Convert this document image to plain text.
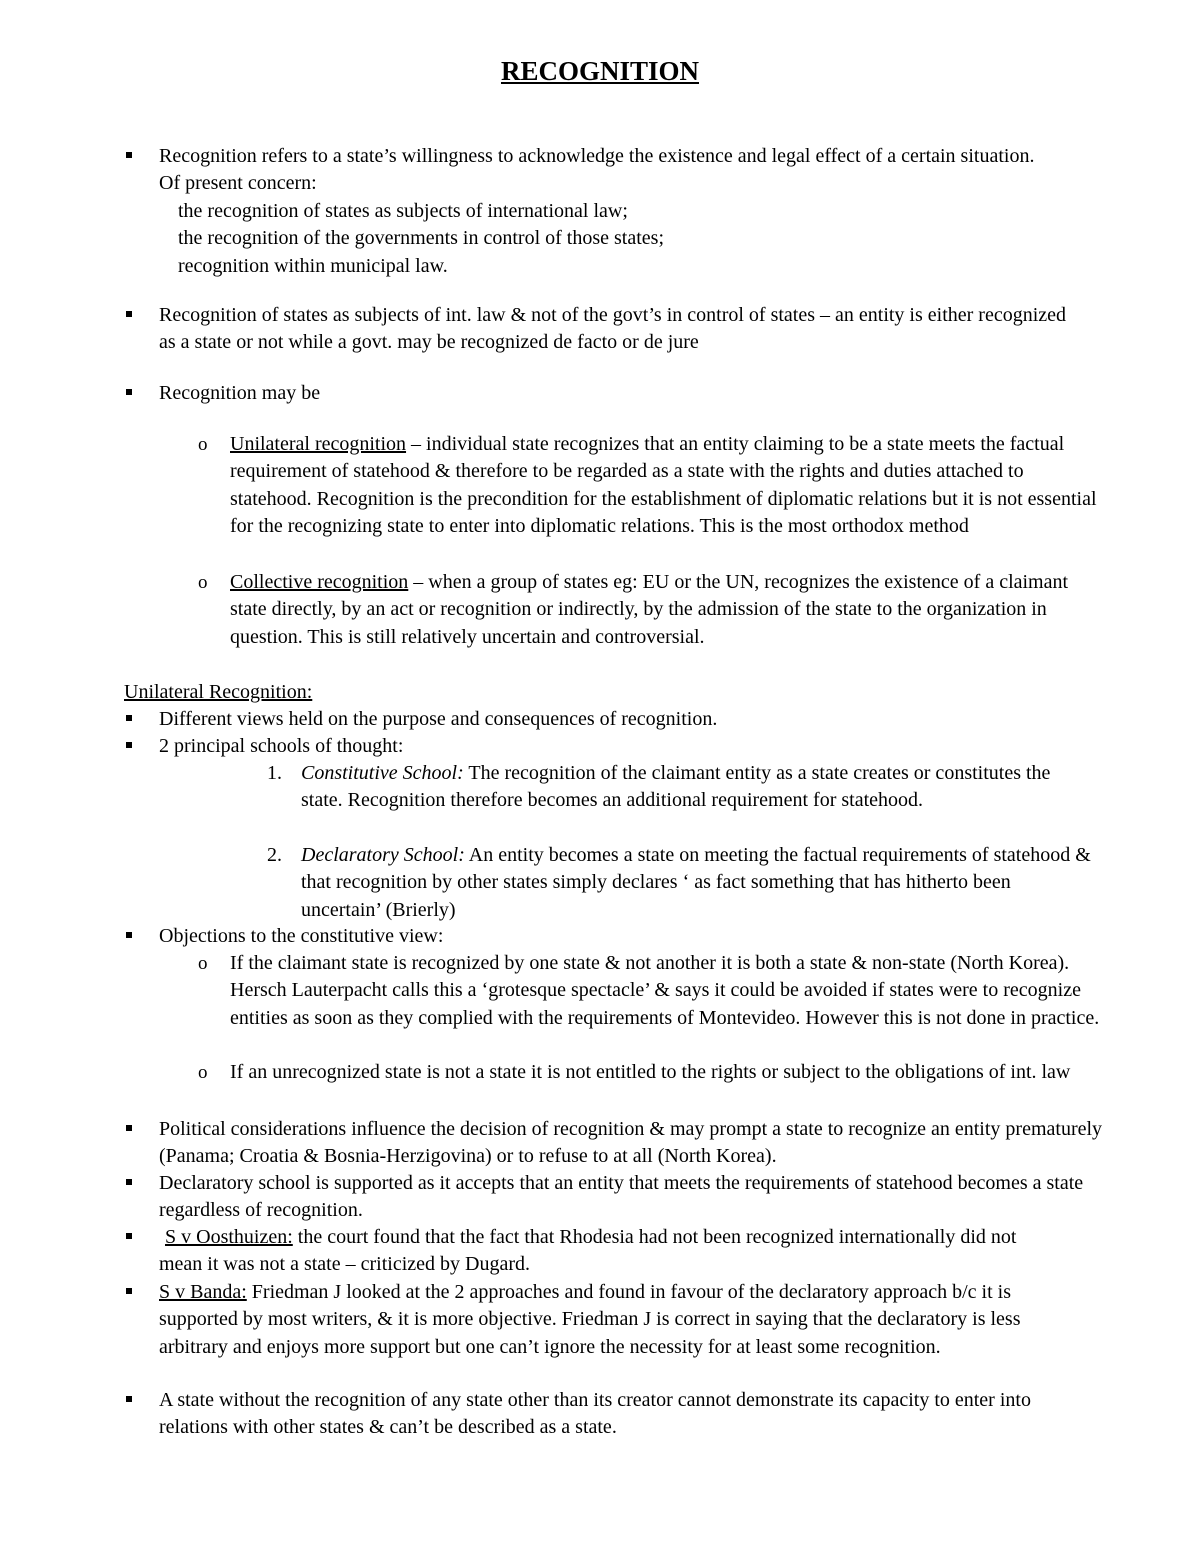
RECOGNITION

Recognition refers to a state’s willingness to acknowledge the existence and legal effect of a certain situation. Of present concern:

the recognition of states as subjects of international law;

the recognition of the governments in control of those states;

recognition within municipal law.

Recognition of states as subjects of int. law & not of the govt’s in control of states – an entity is either recognized as a state or not while a govt. may be recognized de facto or de jure

Recognition may be

o Unilateral recognition – individual state recognizes that an entity claiming to be a state meets the factual requirement of statehood & therefore to be regarded as a state with the rights and duties attached to statehood. Recognition is the precondition for the establishment of diplomatic relations but it is not essential for the recognizing state to enter into diplomatic relations. This is the most orthodox method

o Collective recognition – when a group of states eg: EU or the UN, recognizes the existence of a claimant state directly, by an act or recognition or indirectly, by the admission of the state to the organization in question. This is still relatively uncertain and controversial.

Unilateral Recognition:

Different views held on the purpose and consequences of recognition.

2 principal schools of thought:

1. Constitutive School: The recognition of the claimant entity as a state creates or constitutes the state. Recognition therefore becomes an additional requirement for statehood.

2. Declaratory School: An entity becomes a state on meeting the factual requirements of statehood & that recognition by other states simply declares ‘ as fact something that has hitherto been uncertain’ (Brierly)

Objections to the constitutive view:

o If the claimant state is recognized by one state & not another it is both a state & non-state (North Korea). Hersch Lauterpacht calls this a ‘grotesque spectacle’ & says it could be avoided if states were to recognize entities as soon as they complied with the requirements of Montevideo. However this is not done in practice.

o If an unrecognized state is not a state it is not entitled to the rights or subject to the obligations of int. law

Political considerations influence the decision of recognition & may prompt a state to recognize an entity prematurely (Panama; Croatia & Bosnia-Herzigovina) or to refuse to at all (North Korea).

Declaratory school is supported as it accepts that an entity that meets the requirements of statehood becomes a state regardless of recognition.

S v Oosthuizen: the court found that the fact that Rhodesia had not been recognized internationally did not mean it was not a state – criticized by Dugard.

S v Banda: Friedman J looked at the 2 approaches and found in favour of the declaratory approach b/c it is supported by most writers, & it is more objective. Friedman J is correct in saying that the declaratory is less arbitrary and enjoys more support but one can’t ignore the necessity for at least some recognition.

A state without the recognition of any state other than its creator cannot demonstrate its capacity to enter into relations with other states & can’t be described as a state.
